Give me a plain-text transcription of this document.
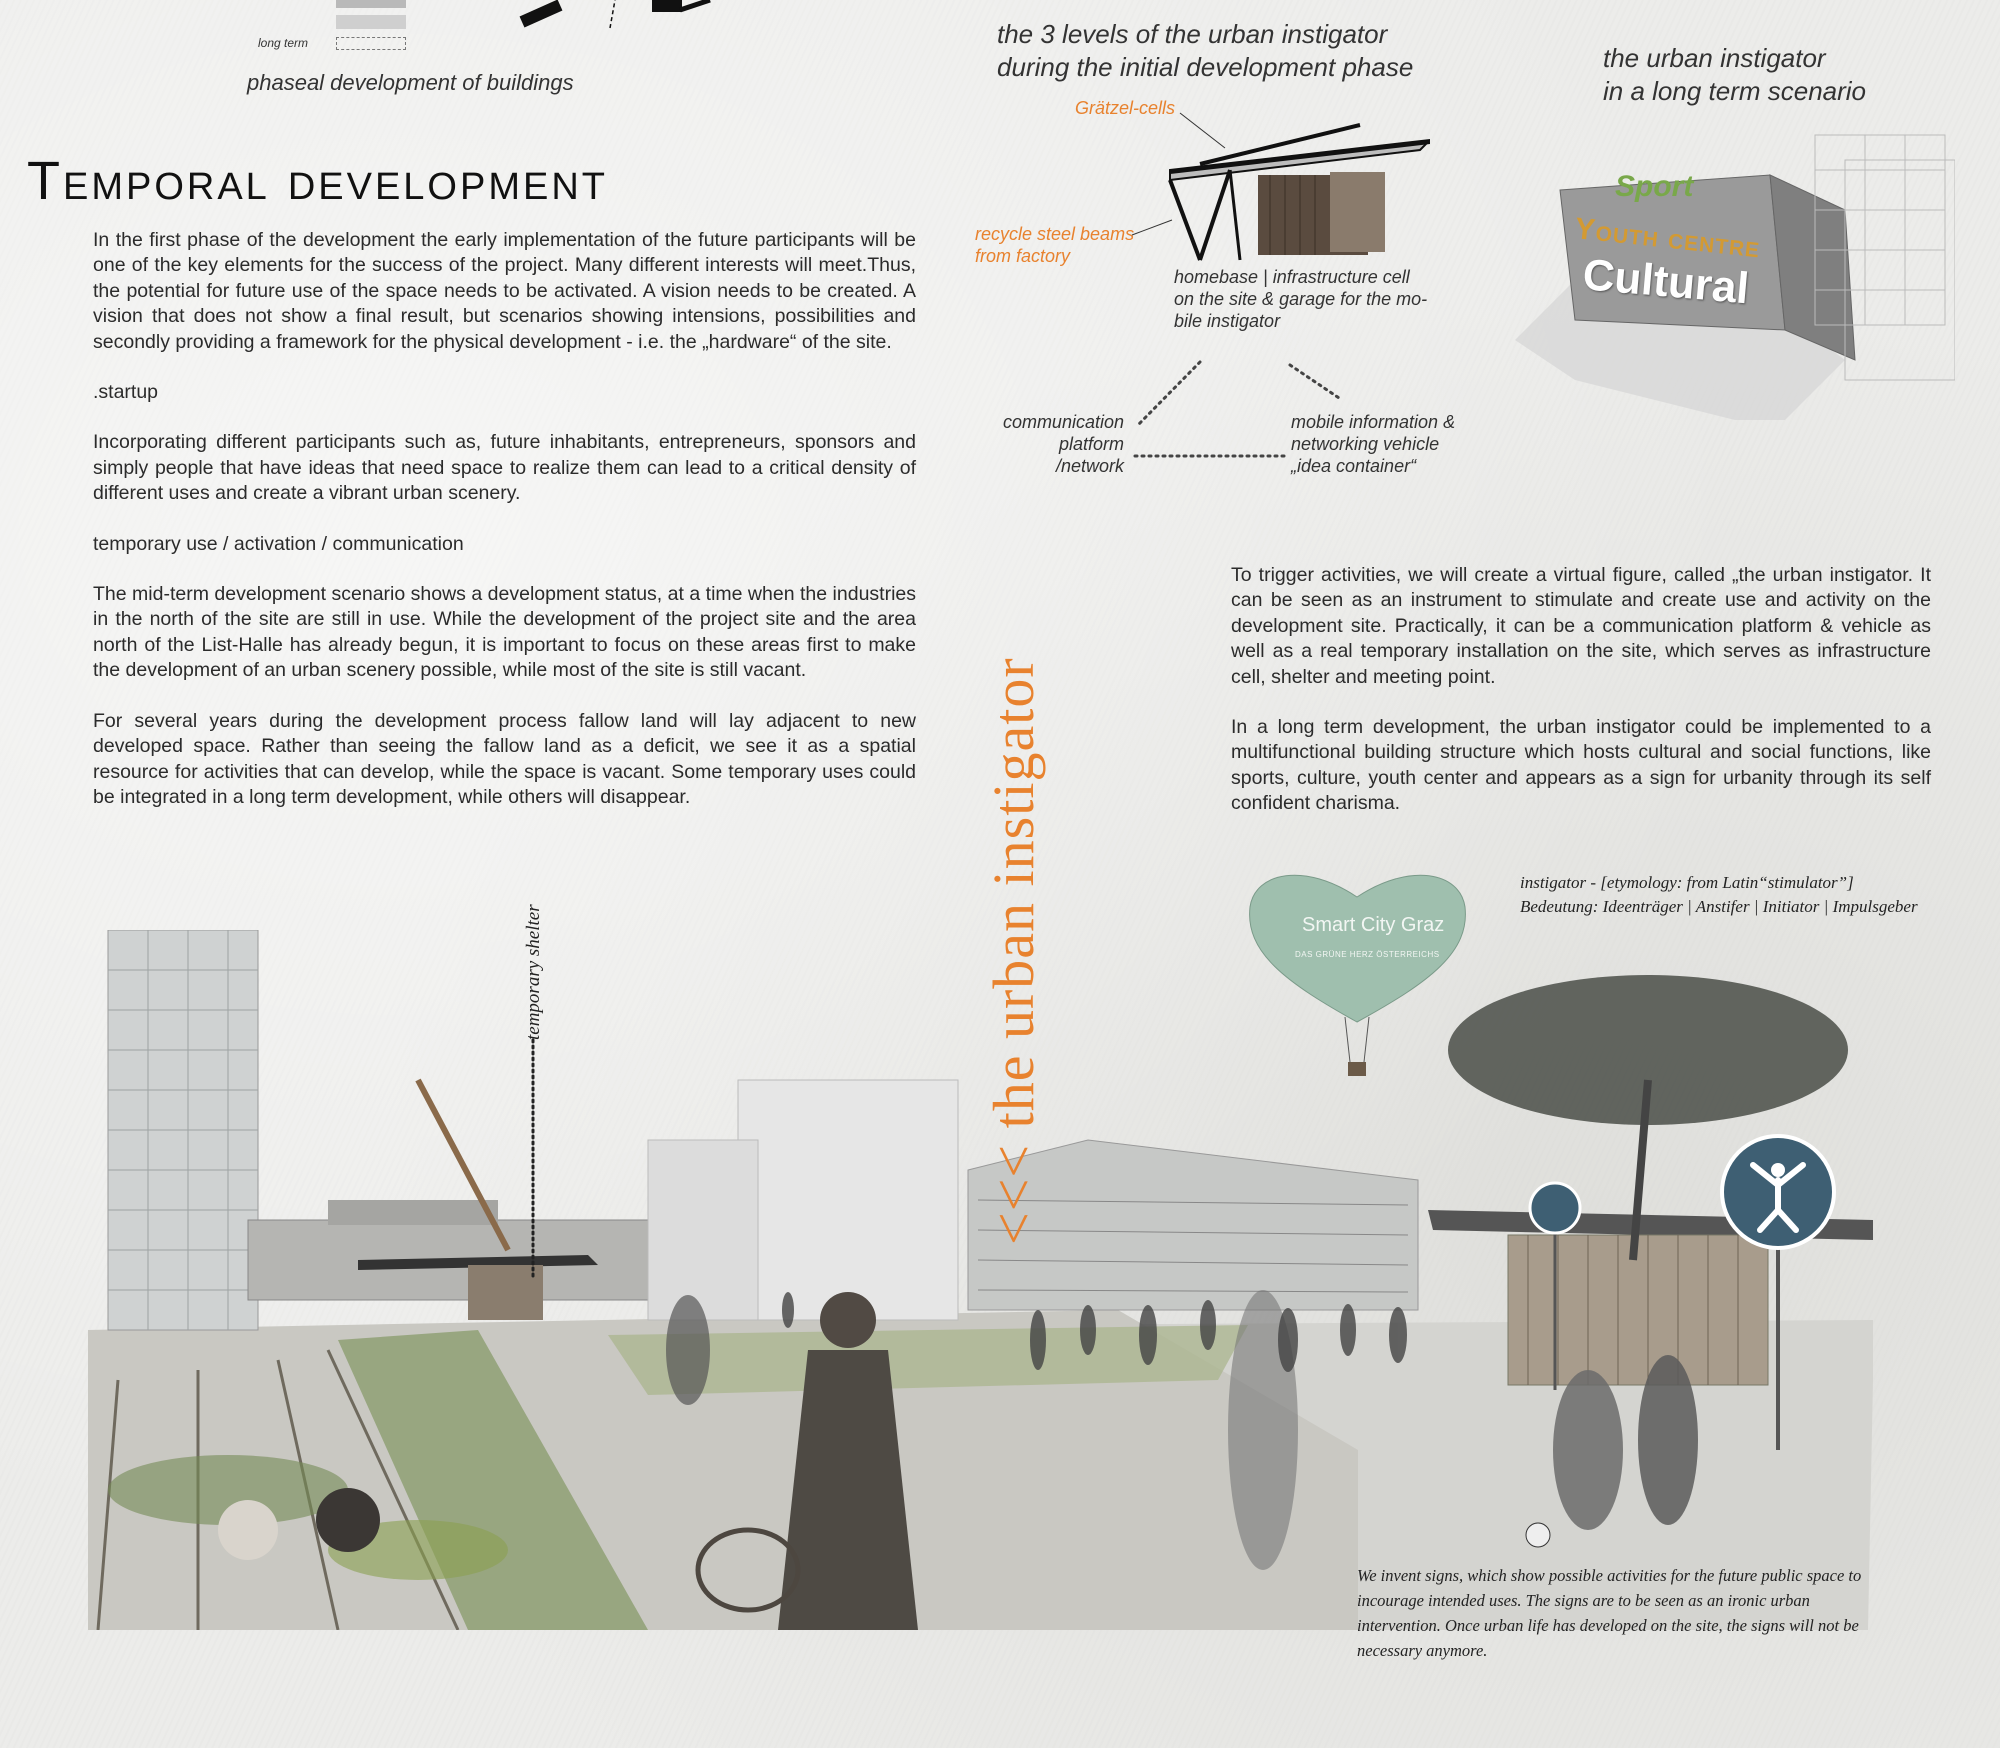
long term
phaseal development of buildings
Temporal development

In the first phase of the development the early implementation of the future participants will be one of the key elements for the success of the project. Many different interests will meet.Thus, the potential for future use of the space needs to be activated. A vision needs to be created. A vision that does not show a final result, but scenarios showing intensions, possibilities and secondly providing a framework for the physical development - i.e. the „hardware“ of the site.

.startup

Incorporating different participants such as, future inhabitants, entrepreneurs, sponsors and simply people that have ideas that need space to realize them can lead to a critical density of different uses and create a vibrant urban scenery.

temporary use / activation / communication

The mid-term development scenario shows a development status, at a time when the industries in the north of the site are still in use. While the development of the project site and the area north of the List-Halle has already begun, it is important to focus on these areas first to make the development of an urban scenery possible, while most of the site is still vacant.

For several years during the development process fallow land will lay adjacent to new developed space. Rather than seeing the fallow land as a deficit, we see it as a spatial resource for activities that can develop, while the space is vacant. Some temporary uses could be integrated in a long term development, while others will disappear.

the 3 levels of the urban instigator
during the initial development phase
Grätzel-cells
recycle steel beams
from factory
homebase | infrastructure cell
on the site & garage for the mo-
bile instigator
communication
platform
/network
mobile information &
networking vehicle
„idea container“
the urban instigator
in a long term scenario
Sport
Youth centre
Cultural

To trigger activities, we will create a virtual figure, called „the urban instigator. It can be seen as an instrument to stimulate and create use and activity on the development site. Practically, it can be a communication platform & vehicle as well as a real temporary installation on the site, which serves as infrastructure cell, shelter and meeting point.

In a long term development, the urban instigator could be implemented to a multifunctional building structure which hosts cultural and social functions, like sports, culture, youth center and appears as a sign for urbanity through its self confident charisma.

instigator - [etymology: from Latin“stimulator”]
Bedeutung: Ideenträger | Anstifer | Initiator | Impulsgeber
temporary shelter	Smart City Graz
DAS GRÜNE HERZ ÖSTERREICHS
<<< the urban instigator
We invent signs, which show possible activities for the future public space to incourage intended uses. The signs are to be seen as an ironic urban intervention. Once urban life has developed on the site, the signs will not be necessary anymore.
